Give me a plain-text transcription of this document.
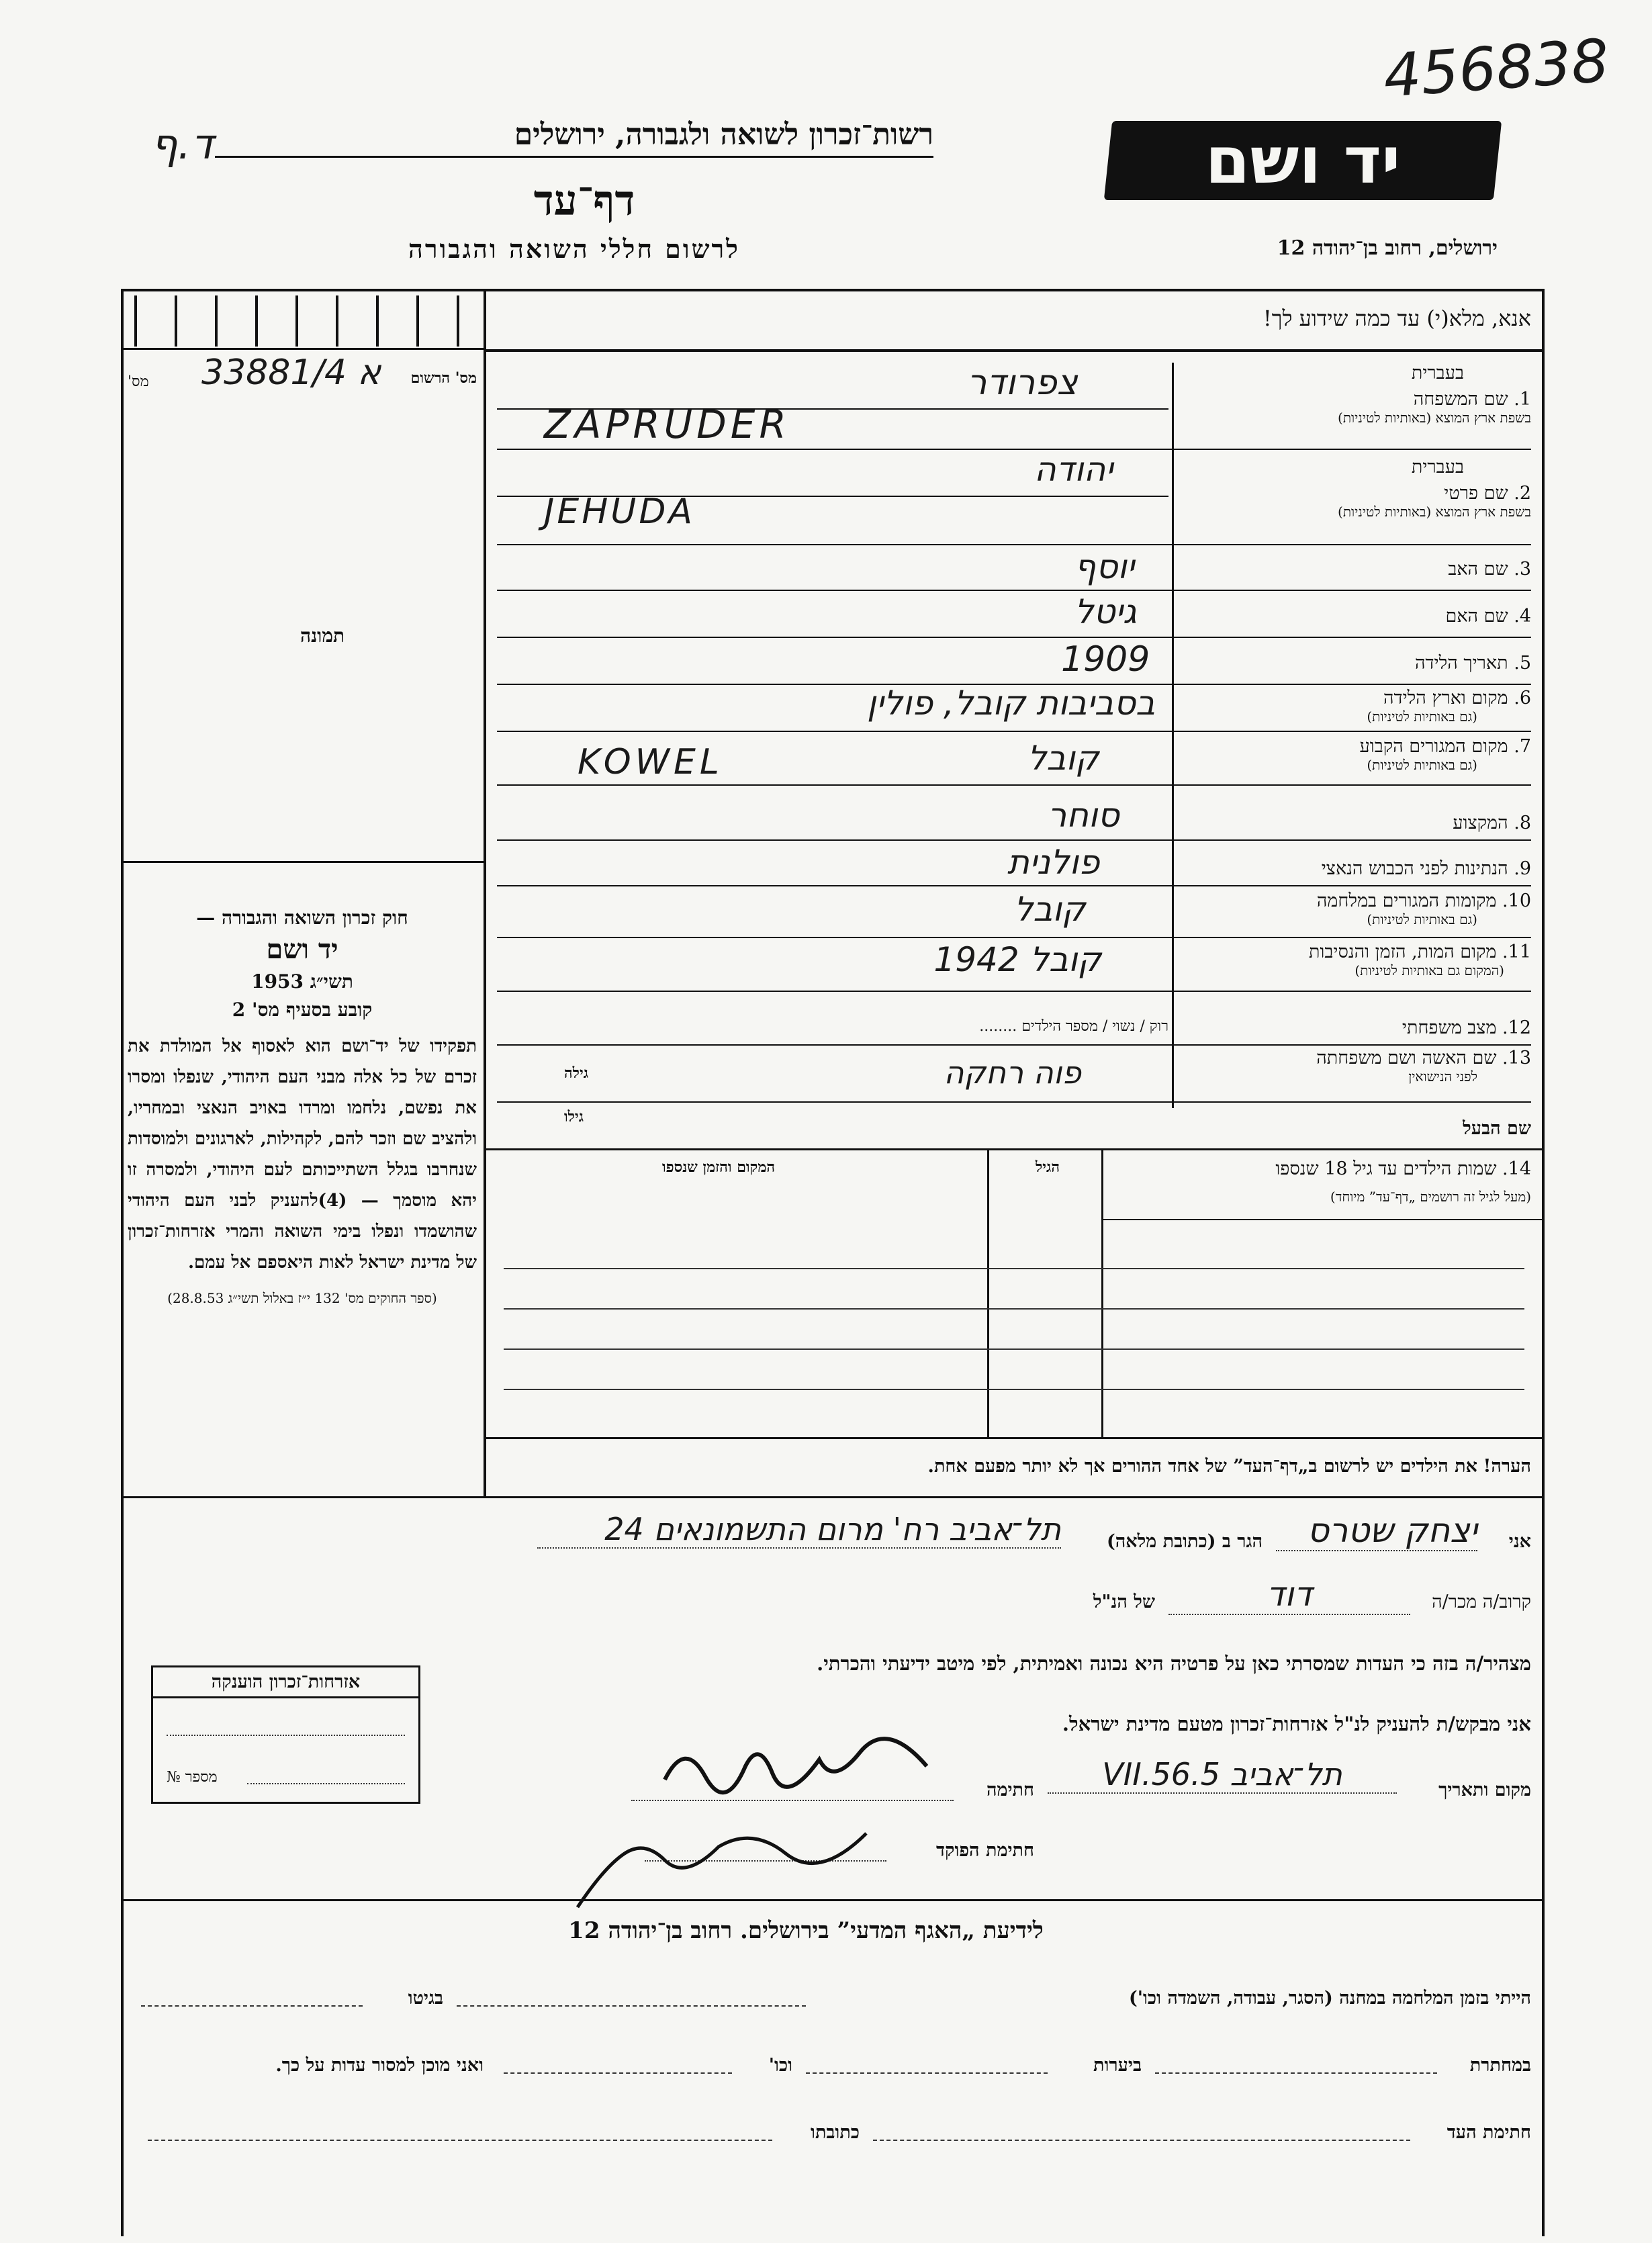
456838
יד ושם
ירושלים, רחוב בן־יהודה 12
רשות־זכרון לשואה ולגבורה, ירושלים
ד.ף
דף־עד
לרשום חללי השואה והגבורה
אנא, מלא(י) עד כמה שידוע לך!
א 33881/4	מס' הרשום
מס'
תמונה
בעברית
1. שם המשפחה
בשפת ארץ המוצא (באותיות לטיניות)
צפרודר
ZAPRUDER
בעברית
2. שם פרטי
בשפת ארץ המוצא (באותיות לטיניות)
יהודה
JEHUDA
3. שם האב
יוסף
4. שם האם
גיטל
5. תאריך הלידה
1909
6. מקום וארץ הלידה
(גם באותיות לטיניות)
בסביבות קובל, פולין
7. מקום המגורים הקבוע
(גם באותיות לטיניות)
KOWEL	קובל
8. המקצוע
סוחר
9. הנתינות לפני הכבוש הנאצי
פולנית
10. מקומות המגורים במלחמה
(גם באותיות לטיניות)
קובל
11. מקום המות, הזמן והנסיבות
(המקום גם באותיות לטיניות)
קובל 1942
12. מצב משפחתי
רוק / נשוי / מספר הילדים ........
13. שם האשה ושם משפחתה
לפני הנישואין
פוה רחקה
גילה
שם הבעל
גילו
14. שמות הילדים עד גיל 18 שנספו
(מעל לגיל זה רושמים „דף־עד” מיוחד)
הגיל
המקום והזמן שנספו
הערה! את הילדים יש לרשום ב„דף־העד” של אחד ההורים אך לא יותר מפעם אחת.
חוק זכרון השואה והגבורה —
יד ושם
תשי״ג 1953
קובע בסעיף מס' 2
תפקידו של יד־ושם הוא לאסוף אל המולדת את זכרם של כל אלה מבני העם היהודי, שנפלו ומסרו את נפשם, נלחמו ומרדו באויב הנאצי ובמחריו, ולהציב שם וזכר להם, לקהילות, לארגונים ולמוסדות שנחרבו בגלל השתייכותם לעם היהודי, ולמסרה זו יהא מוסמך — (4)להעניק לבני העם היהודי שהושמדו ונפלו בימי השואה והמרי אזרחות־זכרון של מדינת ישראל לאות היאספם אל עמם.
(ספר החוקים מס' 132 י״ז באלול תשי״ג 28.8.53)
אני
יצחק שטרס
הגר ב (כתובת מלאה)
תל־אביב רח' מרום התשמונאים 24
קרוב/ה מכר/ה
דוד
של הנ"ל
מצהיר/ה בזה כי העדות שמסרתי כאן על פרטיה היא נכונה ואמיתית, לפי מיטב ידיעתי והכרתי.
אני מבקש/ת להעניק לנ"ל אזרחות־זכרון מטעם מדינת ישראל.
מקום ותאריך
תל־אביב 5.VII.56
חתימה
חתימת הפוקד
אזרחות־זכרון הוענקה
מספר №
לידיעת „האגף המדעי” בירושלים. רחוב בן־יהודה 12
הייתי בזמן המלחמה במחנה (הסגר, עבודה, השמדה וכו')
בגיטו
במחתרת
ביערות
וכו'
ואני מוכן למסור עדות על כך.
חתימת העד
כתובתו
